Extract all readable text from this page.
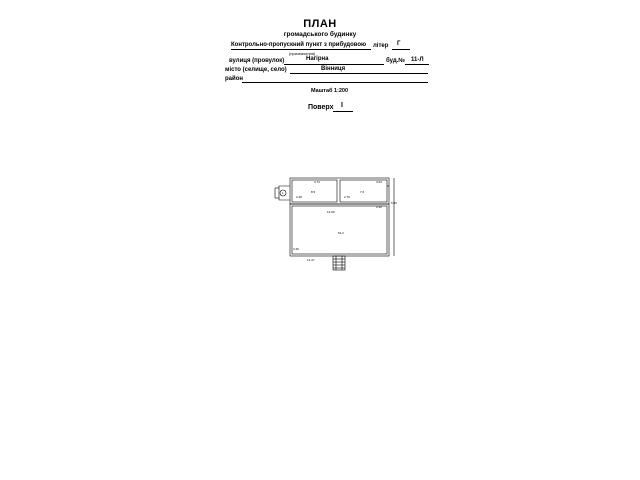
ПЛАН
громадського будинку
Контрольно-пропускний пункт з прибудовою
(призначення)
літер Г
вулиця (провулок)	Нагірна	буд.№ 11-Л
місто (селище, село)	Вінниця
район
Маштаб 1:200
Поверх І
3.73	3.64
2.48	2.76
8.5	7.6
2.30
5.86
14.90
51.2
3.46
12.47
1
